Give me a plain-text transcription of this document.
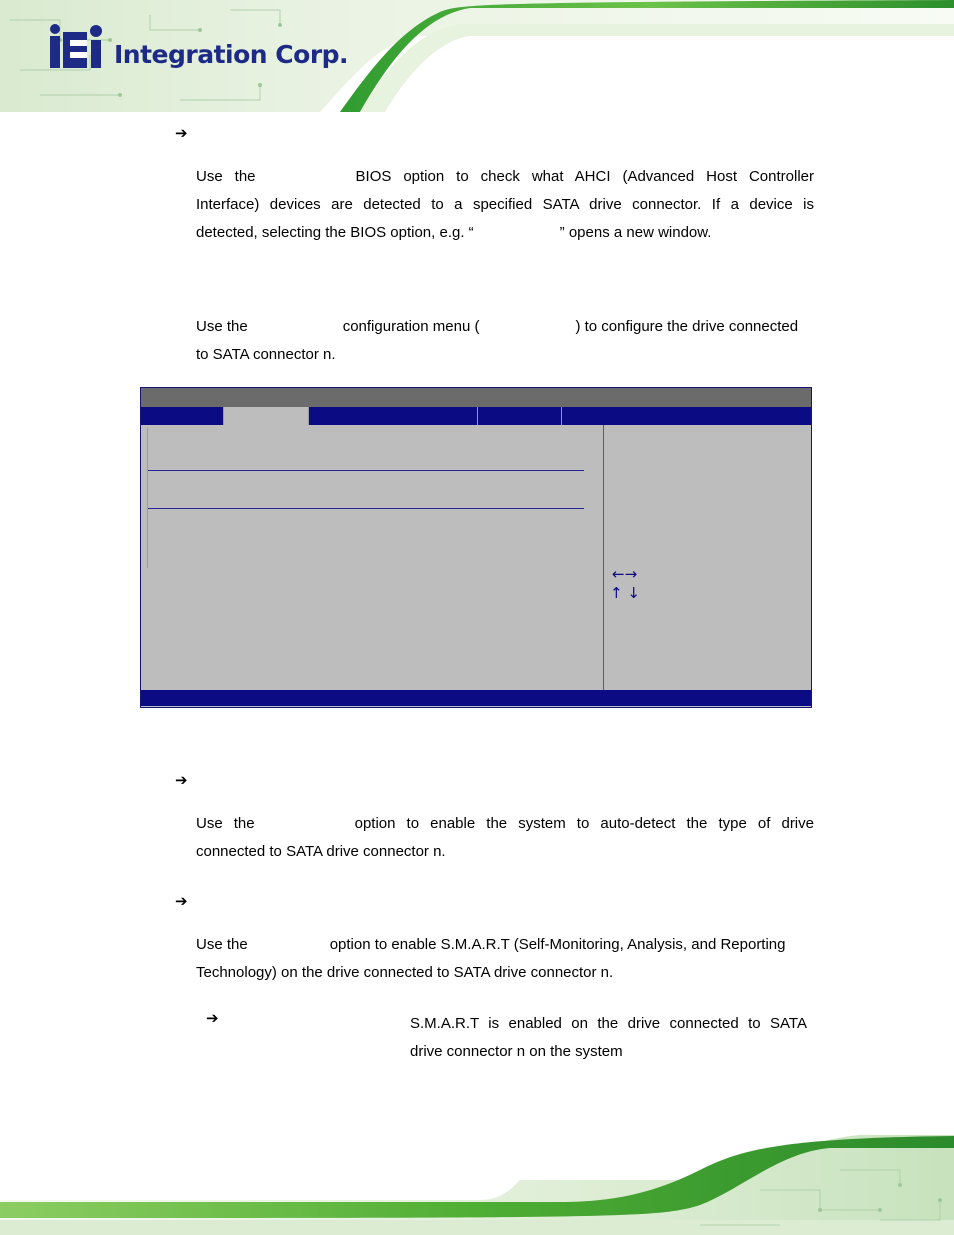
Integration Corp.
➔
Use the	BIOS option to check what AHCI (Advanced Host Controller
Interface) devices are detected to a specified SATA drive connector. If a device is
detected, selecting the BIOS option, e.g. “	” opens a new window.
Use the	configuration menu (	) to configure the drive connected
to SATA connector n.
←→
↑ ↓
➔
Use the	option to enable the system to auto-detect the type of drive
connected to SATA drive connector n.
➔
Use the	option to enable S.M.A.R.T (Self-Monitoring, Analysis, and Reporting
Technology) on the drive connected to SATA drive connector n.
➔	S.M.A.R.T is enabled on the drive connected to SATA
drive connector n on the system
